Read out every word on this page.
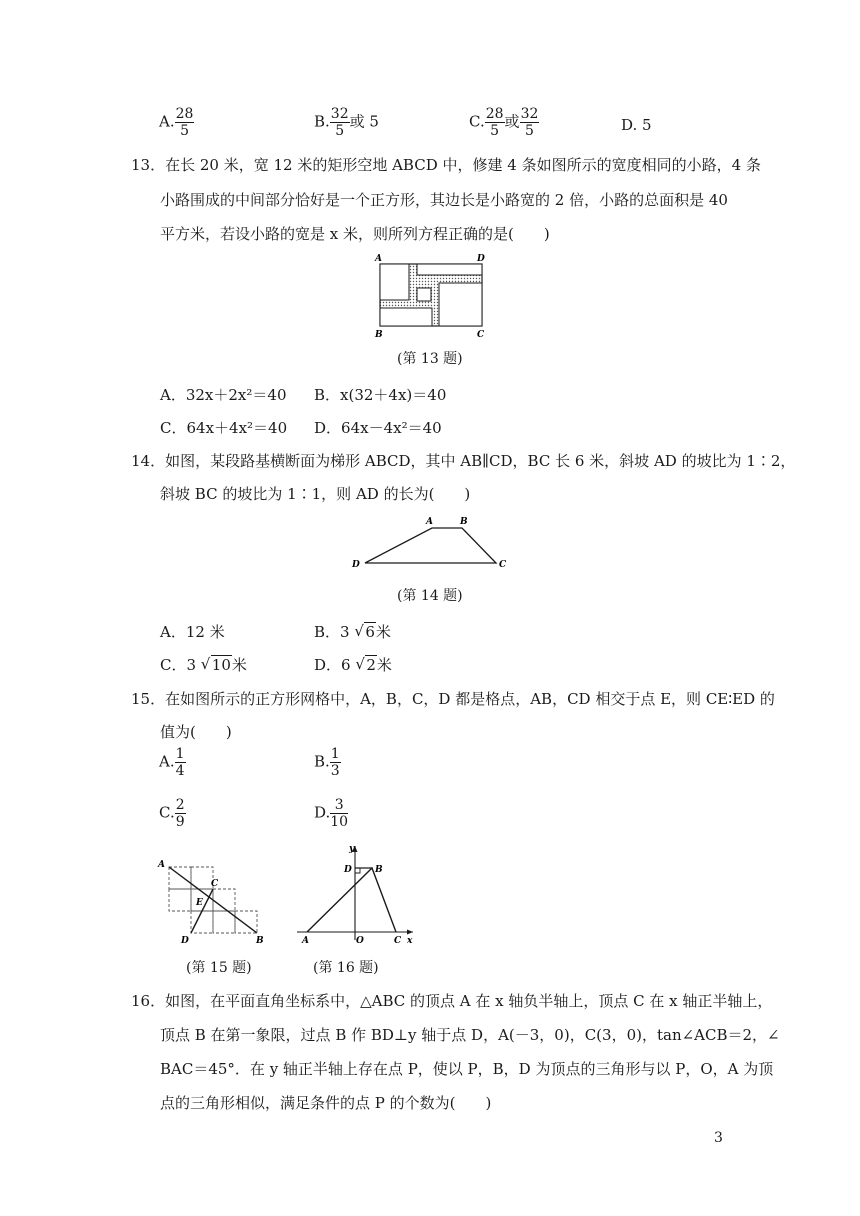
A. $\frac{28}{5}$	B. $\frac{32}{5}$ 或 5	C. $\frac{28}{5}$ 或 $\frac{32}{5}$	D. 5
13．在长 20 米，宽 12 米的矩形空地 ABCD 中，修建 4 条如图所示的宽度相同的小路，4 条
小路围成的中间部分恰好是一个正方形，其边长是小路宽的 2 倍，小路的总面积是 40
平方米，若设小路的宽是 x 米，则所列方程正确的是(　　)
A	D
B	C
(第 13 题)
A．32x＋2x²＝40 B．x(32＋4x)＝40
C．64x＋4x²＝40 D．64x－4x²＝40
14．如图，某段路基横断面为梯形 ABCD，其中 AB∥CD，BC 长 6 米，斜坡 AD 的坡比为 1∶2，
斜坡 BC 的坡比为 1∶1，则 AD 的长为(　　)
A	B
D	C
(第 14 题)
A．12 米	B．3 √ 6米
C．3 √ 10米	D．6 √ 2米
15．在如图所示的正方形网格中，A，B，C，D 都是格点，AB，CD 相交于点 E，则 CE∶ED 的
值为(　　)
A. $\frac{1}{4}$	B. $\frac{1}{3}$
C. $\frac{2}{9}$	D. $\frac{3}{10}$
A
C
E
D	B
(第 15 题)
y
D	B
A	O	C x
(第 16 题)
16．如图，在平面直角坐标系中，△ABC 的顶点 A 在 x 轴负半轴上，顶点 C 在 x 轴正半轴上，
顶点 B 在第一象限，过点 B 作 BD⊥y 轴于点 D，A(－3，0)，C(3，0)，tan∠ACB＝2，∠
BAC＝45°．在 y 轴正半轴上存在点 P，使以 P，B，D 为顶点的三角形与以 P，O，A 为顶
点的三角形相似，满足条件的点 P 的个数为(　　)
3
